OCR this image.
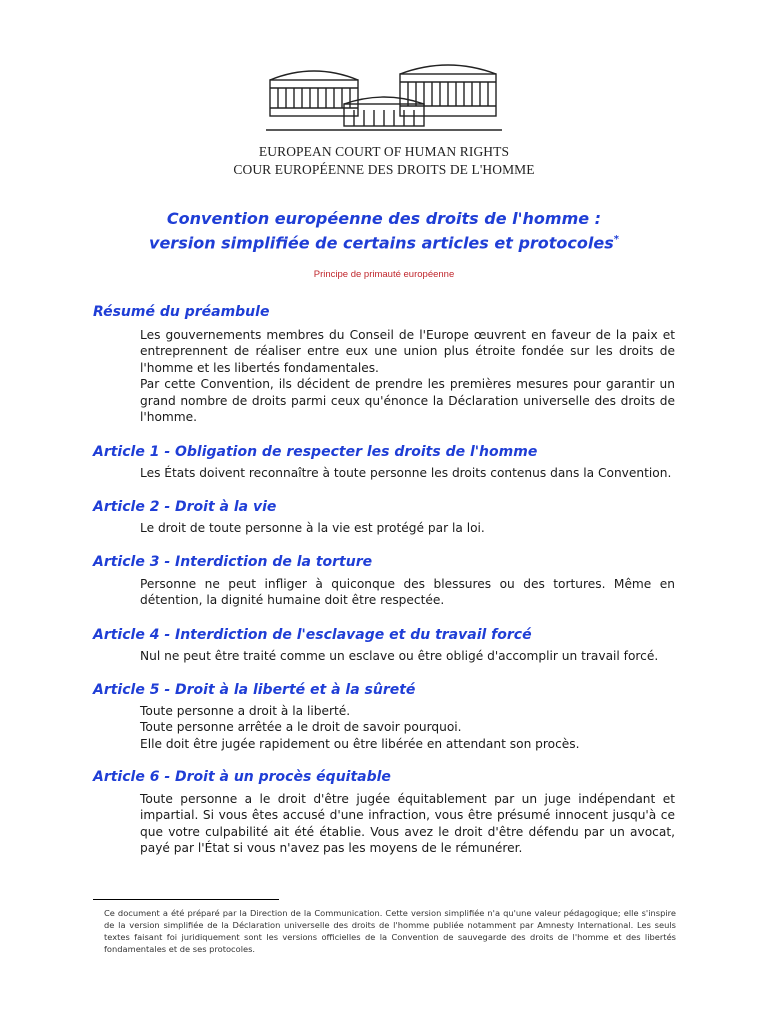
EUROPEAN COURT OF HUMAN RIGHTS
COUR EUROPÉENNE DES DROITS DE L'HOMME
Convention européenne des droits de l'homme :
version simplifiée de certains articles et protocoles*
Principe de primauté européenne
Résumé du préambule

Les gouvernements membres du Conseil de l'Europe œuvrent en faveur de la paix et entreprennent de réaliser entre eux une union plus étroite fondée sur les droits de l'homme et les libertés fondamentales.

Par cette Convention, ils décident de prendre les premières mesures pour garantir un grand nombre de droits parmi ceux qu'énonce la Déclaration universelle des droits de l'homme.

Article 1 - Obligation de respecter les droits de l'homme

Les États doivent reconnaître à toute personne les droits contenus dans la Convention.

Article 2 - Droit à la vie

Le droit de toute personne à la vie est protégé par la loi.

Article 3 - Interdiction de la torture

Personne ne peut infliger à quiconque des blessures ou des tortures. Même en détention, la dignité humaine doit être respectée.

Article 4 - Interdiction de l'esclavage et du travail forcé

Nul ne peut être traité comme un esclave ou être obligé d'accomplir un travail forcé.

Article 5 - Droit à la liberté et à la sûreté

Toute personne a droit à la liberté.

Toute personne arrêtée a le droit de savoir pourquoi.

Elle doit être jugée rapidement ou être libérée en attendant son procès.

Article 6 - Droit à un procès équitable

Toute personne a le droit d'être jugée équitablement par un juge indépendant et impartial. Si vous êtes accusé d'une infraction, vous être présumé innocent jusqu'à ce que votre culpabilité ait été établie. Vous avez le droit d'être défendu par un avocat, payé par l'État si vous n'avez pas les moyens de le rémunérer.

Ce document a été préparé par la Direction de la Communication. Cette version simplifiée n'a qu'une valeur pédagogique; elle s'inspire de la version simplifiée de la Déclaration universelle des droits de l'homme publiée notamment par Amnesty International. Les seuls textes faisant foi juridiquement sont les versions officielles de la Convention de sauvegarde des droits de l'homme et des libertés fondamentales et de ses protocoles.
